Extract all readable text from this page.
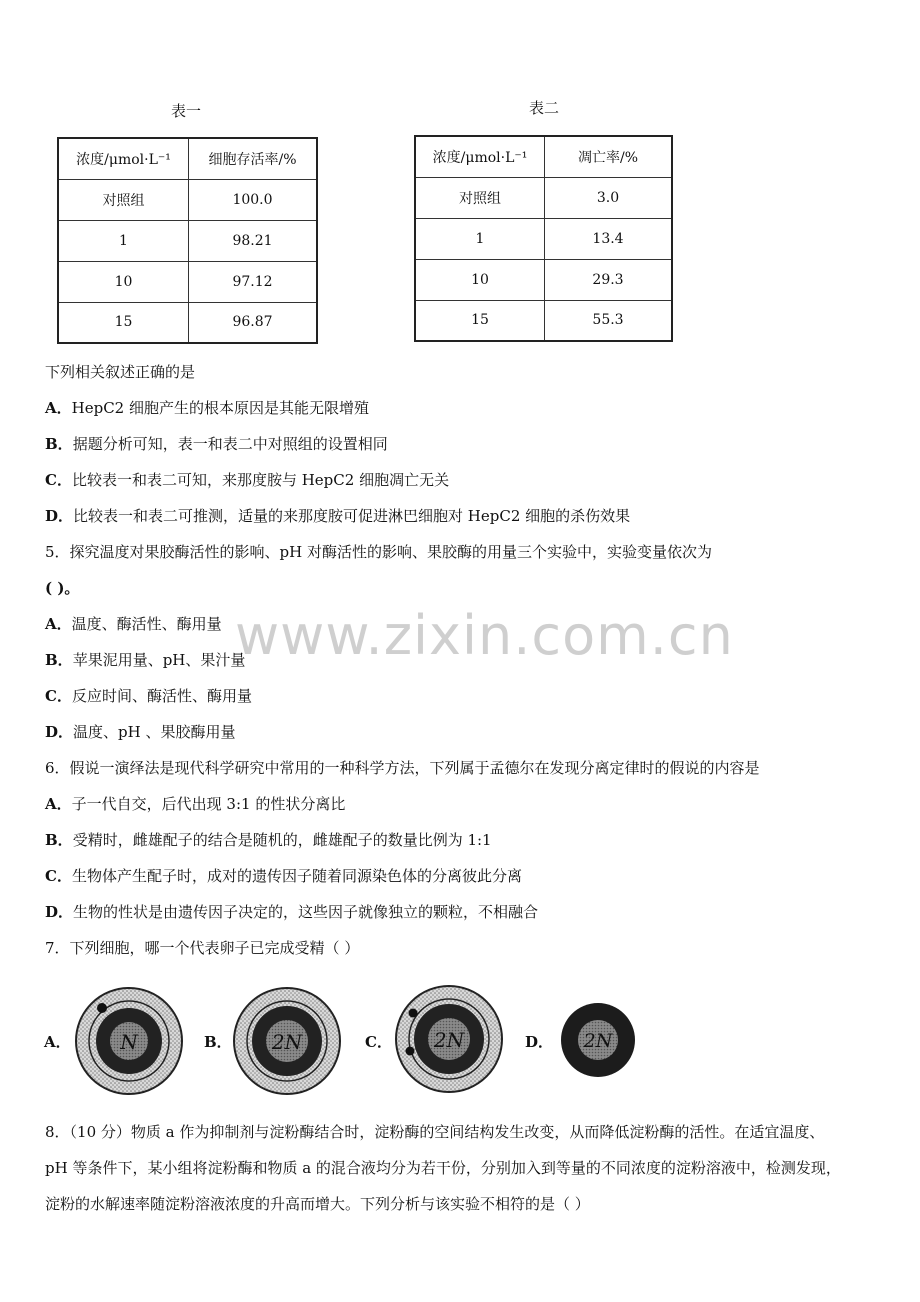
表一	表二
浓度/μmol·L⁻¹	细胞存活率/%
对照组	100.0
1	98.21
10	97.12
15	96.87
浓度/μmol·L⁻¹	凋亡率/%
对照组	3.0
1	13.4
10	29.3
15	55.3
下列相关叙述正确的是
A．HepC2 细胞产生的根本原因是其能无限增殖
B．据题分析可知，表一和表二中对照组的设置相同
C．比较表一和表二可知，来那度胺与 HepC2 细胞凋亡无关
D．比较表一和表二可推测，适量的来那度胺可促进淋巴细胞对 HepC2 细胞的杀伤效果
5．探究温度对果胶酶活性的影响、pH 对酶活性的影响、果胶酶的用量三个实验中，实验变量依次为
( )。
www.zixin.com.cn
A．温度、酶活性、酶用量
B．苹果泥用量、pH、果汁量
C．反应时间、酶活性、酶用量
D．温度、pH 、果胶酶用量
6．假说一演绎法是现代科学研究中常用的一种科学方法，下列属于孟德尔在发现分离定律时的假说的内容是
A．子一代自交，后代出现 3:1 的性状分离比
B．受精时，雌雄配子的结合是随机的，雌雄配子的数量比例为 1:1
C．生物体产生配子时，成对的遗传因子随着同源染色体的分离彼此分离
D．生物的性状是由遗传因子决定的，这些因子就像独立的颗粒，不相融合
7．下列细胞，哪一个代表卵子已完成受精（ ）
A． N	B． 2N	C． 2N	D． 2N
8．（10 分）物质 a 作为抑制剂与淀粉酶结合时，淀粉酶的空间结构发生改变，从而降低淀粉酶的活性。在适宜温度、
pH 等条件下，某小组将淀粉酶和物质 a 的混合液均分为若干份，分别加入到等量的不同浓度的淀粉溶液中，检测发现，
淀粉的水解速率随淀粉溶液浓度的升高而增大。下列分析与该实验不相符的是（ ）
